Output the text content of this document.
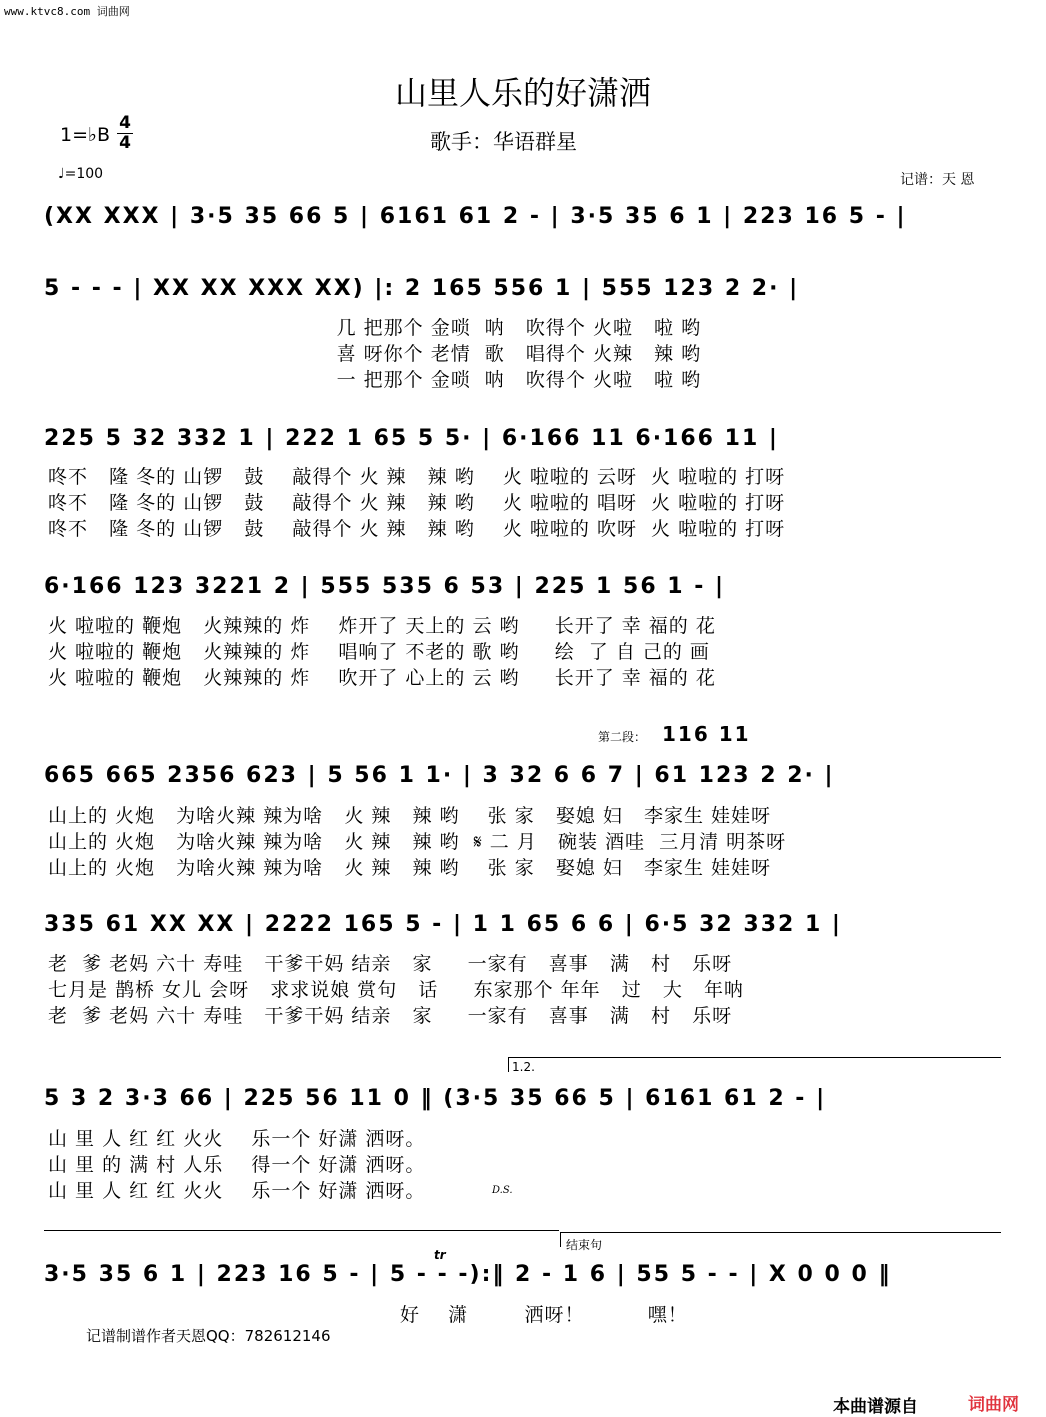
www.ktvc8.com 词曲网
山里人乐的好潇洒
1=♭B
4
4	歌手：华语群星
♩=100	记谱：天 恩
(XX XXX | 3·5 35 66 5 | 6161 61 2 - | 3·5 35 6 1 | 223 16 5 - |
5 - - - | XX XX XXX XX) |: 2 165 556 1 | 555 123 2 2· |
几 把那个 金唢  呐   吹得个 火啦   啦 哟
喜 呀你个 老情  歌   唱得个 火辣   辣 哟
一 把那个 金唢  呐   吹得个 火啦   啦 哟
225 5 32 332 1 | 222 1 65 5 5· | 6·166 11 6·166 11 |
咚不   隆 冬的 山锣   鼓    敲得个 火 辣   辣 哟    火 啦啦的 云呀  火 啦啦的 打呀
咚不   隆 冬的 山锣   鼓    敲得个 火 辣   辣 哟    火 啦啦的 唱呀  火 啦啦的 打呀
咚不   隆 冬的 山锣   鼓    敲得个 火 辣   辣 哟    火 啦啦的 吹呀  火 啦啦的 打呀
6·166 123 3221 2 | 555 535 6 53 | 225 1 56 1 - |
火 啦啦的 鞭炮   火辣辣的 炸    炸开了 天上的 云 哟     长开了 幸 福的 花
火 啦啦的 鞭炮   火辣辣的 炸    唱响了 不老的 歌 哟     绘  了 自 己的 画
火 啦啦的 鞭炮   火辣辣的 炸    吹开了 心上的 云 哟     长开了 幸 福的 花
第二段： 116 11
665 665 2356 623 | 5 56 1 1· | 3 32 6 6 7 | 61 123 2 2· |
山上的 火炮   为啥火辣 辣为啥   火 辣   辣 哟    张 家   娶媳 妇   李家生 娃娃呀
山上的 火炮   为啥火辣 辣为啥   火 辣   辣 哟  𝄋 二 月   碗装 酒哇  三月清 明茶呀
山上的 火炮   为啥火辣 辣为啥   火 辣   辣 哟    张 家   娶媳 妇   李家生 娃娃呀
335 61 XX XX | 2222 165 5 - | 1 1 65 6 6 | 6·5 32 332 1 |
老  爹 老妈 六十 寿哇   干爹干妈 结亲   家     一家有   喜事   满   村   乐呀
七月是 鹊桥 女儿 会呀   求求说娘 赏句   话     东家那个 年年   过   大   年呐
老  爹 老妈 六十 寿哇   干爹干妈 结亲   家     一家有   喜事   满   村   乐呀
1.2.
5 3 2 3·3 66 | 225 56 11 0 ‖ (3·5 35 66 5 | 6161 61 2 - |
山 里 人 红 红 火火    乐一个 好潇 洒呀。
山 里 的 满 村 人乐    得一个 好潇 洒呀。
山 里 人 红 红 火火    乐一个 好潇 洒呀。	D.S.
结束句
tr
3·5 35 6 1 | 223 16 5 - | 5 - - -):‖ 2 - 1 6 | 55 5 - - | X 0 0 0 ‖
好    潇        洒呀！         嘿！
记谱制谱作者天恩QQ：782612146
本曲谱源自	词曲网
